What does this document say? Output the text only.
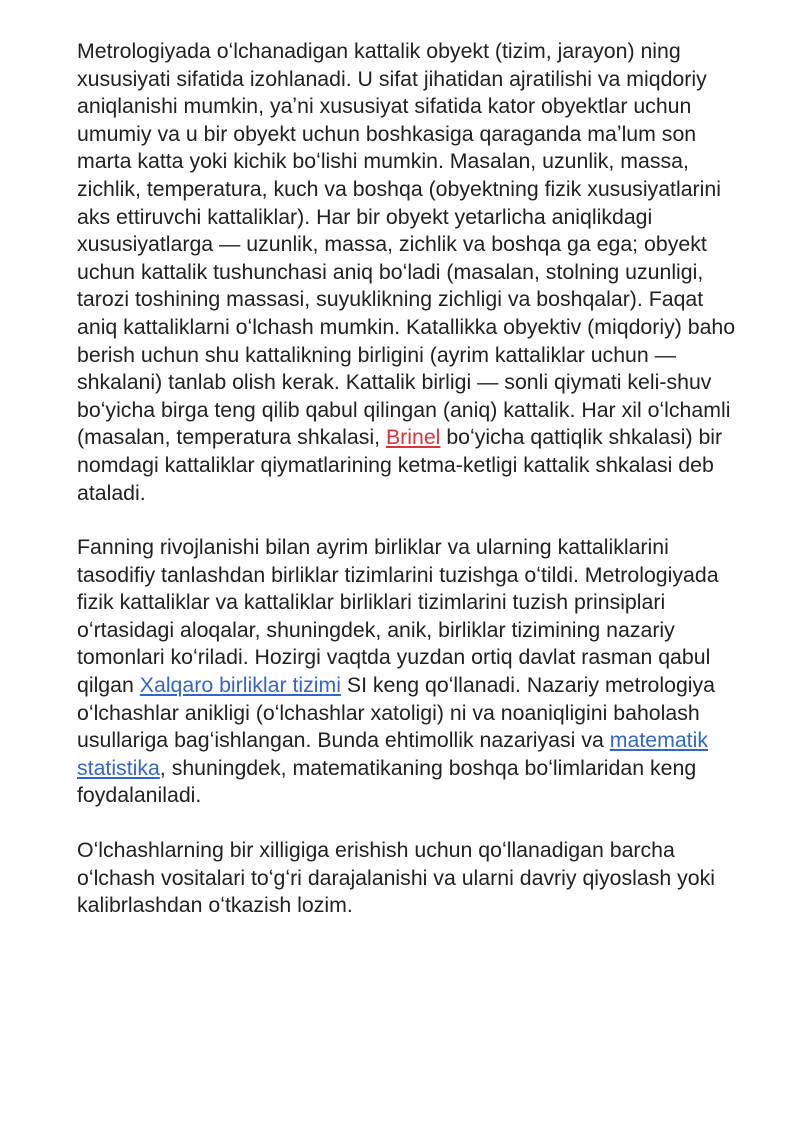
Metrologiyada oʻlchanadigan kattalik obyekt (tizim, jarayon) ning xususiyati sifatida izohlanadi. U sifat jihatidan ajratilishi va miqdoriy aniqlanishi mumkin, yaʼni xususiyat sifatida kator obyektlar uchun umumiy va u bir obyekt uchun boshkasiga qaraganda maʼlum son marta katta yoki kichik boʻlishi mumkin. Masalan, uzunlik, massa, zichlik, temperatura, kuch va boshqa (obyektning fizik xususiyatlarini aks ettiruvchi kattaliklar). Har bir obyekt yetarlicha aniqlikdagi xususiyatlarga — uzunlik, massa, zichlik va boshqa ga ega; obyekt uchun kattalik tushunchasi aniq boʻladi (masalan, stolning uzunligi, tarozi toshining massasi, suyuklikning zichligi va boshqalar). Faqat aniq kattaliklarni oʻlchash mumkin. Katallikka obyektiv (miqdoriy) baho berish uchun shu kattalikning birligini (ayrim kattaliklar uchun — shkalani) tanlab olish kerak. Kattalik birligi — sonli qiymati keli-shuv boʻyicha birga teng qilib qabul qilingan (aniq) kattalik. Har xil oʻlchamli (masalan, temperatura shkalasi, Brinel boʻyicha qattiqlik shkalasi) bir nomdagi kattaliklar qiymatlarining ketma-ketligi kattalik shkalasi deb ataladi.

Fanning rivojlanishi bilan ayrim birliklar va ularning kattaliklarini tasodifiy tanlashdan birliklar tizimlarini tuzishga oʻtildi. Metrologiyada fizik kattaliklar va kattaliklar birliklari tizimlarini tuzish prinsiplari oʻrtasidagi aloqalar, shuningdek, anik, birliklar tizimining nazariy tomonlari koʻriladi. Hozirgi vaqtda yuzdan ortiq davlat rasman qabul qilgan Xalqaro birliklar tizimi SI keng qoʻllanadi. Nazariy metrologiya oʻlchashlar anikligi (oʻlchashlar xatoligi) ni va noaniqligini baholash usullariga bagʻishlangan. Bunda ehtimollik nazariyasi va matematik statistika, shuningdek, matematikaning boshqa boʻlimlaridan keng foydalaniladi.

Oʻlchashlarning bir xilligiga erishish uchun qoʻllanadigan barcha oʻlchash vositalari toʻgʻri darajalanishi va ularni davriy qiyoslash yoki kalibrlashdan oʻtkazish lozim.
